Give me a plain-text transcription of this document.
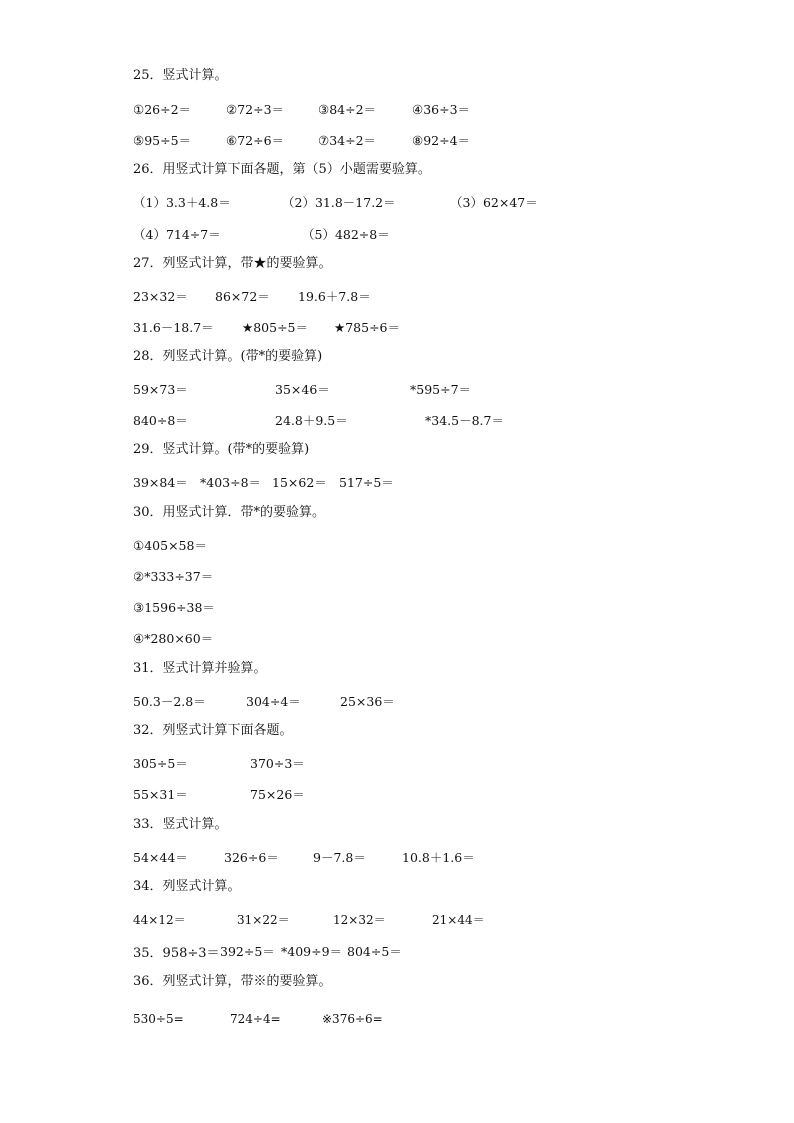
25．竖式计算。
①26÷2＝	②72÷3＝	③84÷2＝	④36÷3＝
⑤95÷5＝	⑥72÷6＝	⑦34÷2＝	⑧92÷4＝
26．用竖式计算下面各题，第（5）小题需要验算。
（1）3.3＋4.8＝	（2）31.8－17.2＝	（3）62×47＝
（4）714÷7＝	（5）482÷8＝
27．列竖式计算，带★的要验算。
23×32＝ 86×72＝ 19.6＋7.8＝
31.6－18.7＝ ★805÷5＝ ★785÷6＝
28．列竖式计算。(带*的要验算)
59×73＝	35×46＝	*595÷7＝
840÷8＝	24.8＋9.5＝	*34.5－8.7＝
29．竖式计算。(带*的要验算)
39×84＝ *403÷8＝ 15×62＝ 517÷5＝
30．用竖式计算．带*的要验算。
①405×58＝
②*333÷37＝
③1596÷38＝
④*280×60＝
31．竖式计算并验算。
50.3－2.8＝	304÷4＝	25×36＝
32．列竖式计算下面各题。
305÷5＝	370÷3＝
55×31＝	75×26＝
33．竖式计算。
54×44＝	326÷6＝	9－7.8＝	10.8＋1.6＝
34．列竖式计算。
44×12＝	31×22＝	12×32＝	21×44＝
35．958÷3＝ 392÷5＝ *409÷9＝ 804÷5＝
36．列竖式计算，带※的要验算。
530÷5=	724÷4=	※376÷6=
